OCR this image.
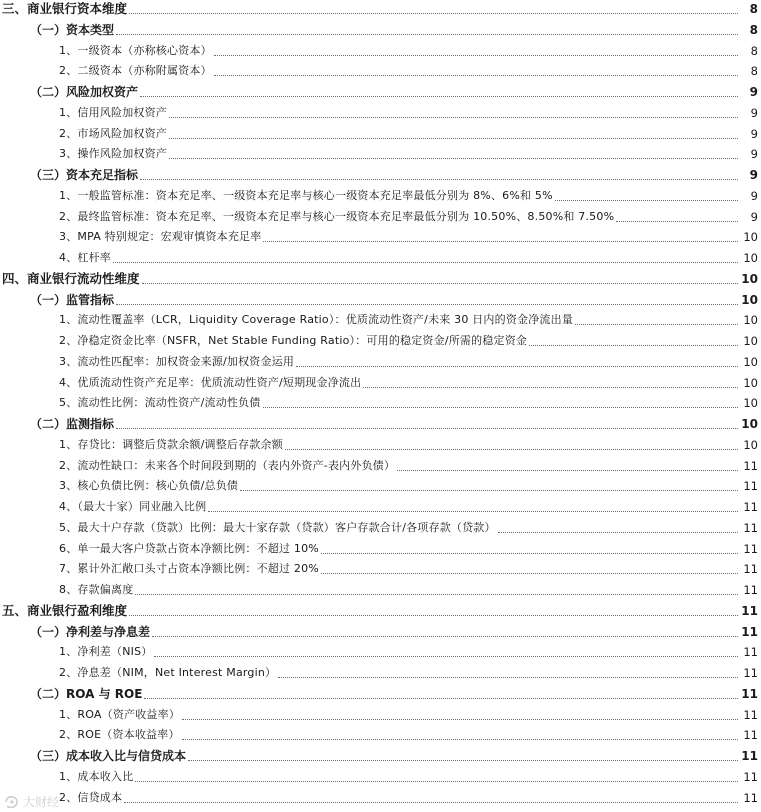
三、商业银行资本维度	8
（一）资本类型	8
1、一级资本（亦称核心资本）	8
2、二级资本（亦称附属资本）	8
（二）风险加权资产	9
1、信用风险加权资产	9
2、市场风险加权资产	9
3、操作风险加权资产	9
（三）资本充足指标	9
1、一般监管标准：资本充足率、一级资本充足率与核心一级资本充足率最低分别为 8%、6%和 5%	9
2、最终监管标准：资本充足率、一级资本充足率与核心一级资本充足率最低分别为 10.50%、8.50%和 7.50%	9
3、MPA 特别规定：宏观审慎资本充足率	10
4、杠杆率	10
四、商业银行流动性维度	10
（一）监管指标	10
1、流动性覆盖率（LCR，Liquidity Coverage Ratio）：优质流动性资产/未来 30 日内的资金净流出量	10
2、净稳定资金比率（NSFR，Net Stable Funding Ratio）：可用的稳定资金/所需的稳定资金	10
3、流动性匹配率：加权资金来源/加权资金运用	10
4、优质流动性资产充足率：优质流动性资产/短期现金净流出	10
5、流动性比例：流动性资产/流动性负债	10
（二）监测指标	10
1、存贷比：调整后贷款余额/调整后存款余额	10
2、流动性缺口：未来各个时间段到期的（表内外资产-表内外负债）	11
3、核心负债比例：核心负债/总负债	11
4、（最大十家）同业融入比例	11
5、最大十户存款（贷款）比例：最大十家存款（贷款）客户存款合计/各项存款（贷款）	11
6、单一最大客户贷款占资本净额比例：不超过 10%	11
7、累计外汇敞口头寸占资本净额比例：不超过 20%	11
8、存款偏离度	11
五、商业银行盈利维度	11
（一）净利差与净息差	11
1、净利差（NIS）	11
2、净息差（NIM，Net Interest Margin）	11
（二）ROA 与 ROE	11
1、ROA（资产收益率）	11
2、ROE（资本收益率）	11
（三）成本收入比与信贷成本	11
1、成本收入比	11
2、信贷成本	11
大财经
